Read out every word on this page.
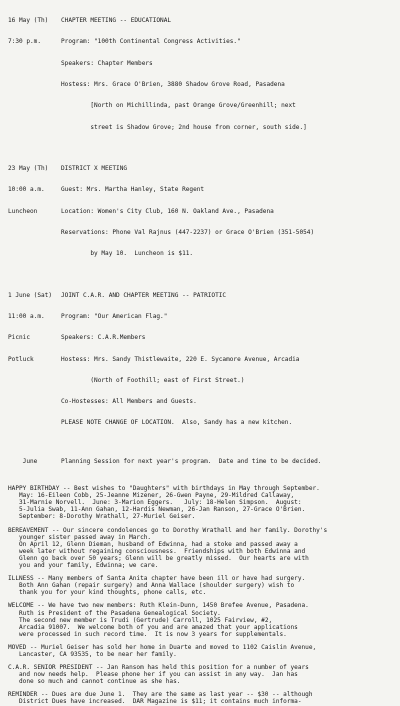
16 May (Th)

7:30 p.m.

CHAPTER MEETING -- EDUCATIONAL

Program: "100th Continental Congress Activities."

Speakers: Chapter Members

Hostess: Mrs. Grace O'Brien, 3880 Shadow Grove Road, Pasadena

[North on Michillinda, past Orange Grove/Greenhill; next

street is Shadow Grove; 2nd house from corner, south side.]

23 May (Th)

10:00 a.m.

Luncheon

DISTRICT X MEETING

Guest: Mrs. Martha Hanley, State Regent

Location: Women's City Club, 160 N. Oakland Ave., Pasadena

Reservations: Phone Val Rajnus (447-2237) or Grace O'Brien (351-5054)

by May 10.  Luncheon is $11.

1 June (Sat)

11:00 a.m.

Picnic

Potluck

JOINT C.A.R. AND CHAPTER MEETING -- PATRIOTIC

Program: "Our American Flag."

Speakers: C.A.R.Members

Hostess: Mrs. Sandy Thistlewaite, 220 E. Sycamore Avenue, Arcadia

(North of Foothill; east of First Street.)

Co-Hostesses: All Members and Guests.

PLEASE NOTE CHANGE OF LOCATION.  Also, Sandy has a new kitchen.

June

	Planning Session for next year's program.  Date and time to be decided.

HAPPY BIRTHDAY -- Best wishes to "Daughters" with birthdays in May through September.
May: 16-Eileen Cobb, 25-Jeanne Mizener, 26-Gwen Payne, 29-Mildred Callaway,
31-Marnie Norvell.  June: 3-Marion Eggers.   July: 18-Helen Simpson.  August:
5-Julia Swab, 11-Ann Gahan, 12-Hardis Newman, 26-Jan Ranson, 27-Grace O'Brien.
September: 8-Dorothy Wrathall, 27-Muriel Geiser.
BEREAVEMENT -- Our sincere condolences go to Dorothy Wrathall and her family. Dorothy's
younger sister passed away in March.
On April 12, Glenn Dieman, husband of Edwinna, had a stoke and passed away a
week later without regaining consciousness.  Friendships with both Edwinna and
Glenn go back over 50 years; Glenn will be greatly missed.  Our hearts are with
you and your family, Edwinna; we care.
ILLNESS -- Many members of Santa Anita chapter have been ill or have had surgery.
Both Ann Gahan (repair surgery) and Anna Wallace (shoulder surgery) wish to
thank you for your kind thoughts, phone calls, etc.
WELCOME -- We have two new members: Ruth Klein-Dunn, 1450 Brefee Avenue, Pasadena.
Ruth is President of the Pasadena Genealogical Society.
The second new member is Trudi (Gertrude) Carroll, 1025 Fairview, #2,
Arcadia 91007.  We welcome both of you and are amazed that your applications
were processed in such record time.  It is now 3 years for supplementals.
MOVED -- Muriel Geiser has sold her home in Duarte and moved to 1102 Caislin Avenue,
Lancaster, CA 93535, to be near her family.
C.A.R. SENIOR PRESIDENT -- Jan Ransom has held this position for a number of years
and now needs help.  Please phone her if you can assist in any way.  Jan has
done so much and cannot continue as she has.
REMINDER -- Dues are due June 1.  They are the same as last year -- $30 -- although
District Dues have increased.  DAR Magazine is $11; it contains much informa-
